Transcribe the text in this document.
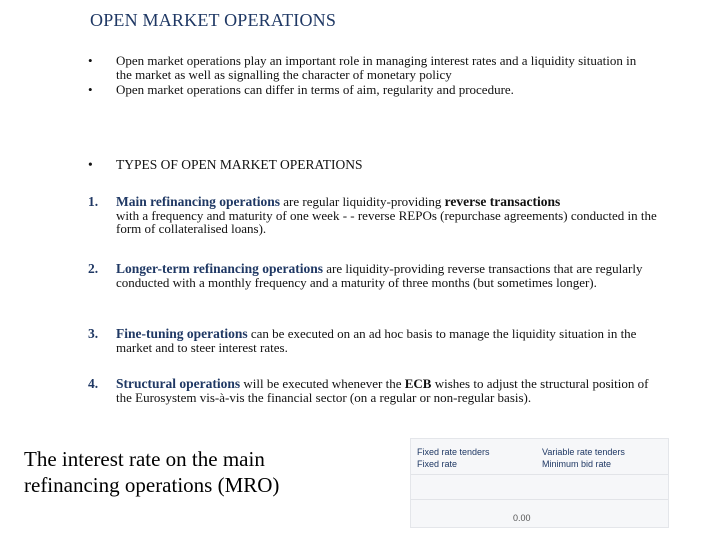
OPEN MARKET OPERATIONS
•	Open market operations play an important role in managing interest rates and a liquidity situation in the market as well as signalling the character of monetary policy
•	Open market operations can differ in terms of aim, regularity and procedure.
•	TYPES OF OPEN MARKET OPERATIONS
1.	Main refinancing operations are regular liquidity-providing reverse transactions
with a frequency and maturity of one week - - reverse REPOs (repurchase agreements) conducted in the form of collateralised loans).
2.	Longer-term refinancing operations are liquidity-providing reverse transactions that are regularly conducted with a monthly frequency and a maturity of three months (but sometimes longer).
3.	Fine-tuning operations can be executed on an ad hoc basis to manage the liquidity situation in the market and to steer interest rates.
4.	Structural operations will be executed whenever the ECB wishes to adjust the structural position of the Eurosystem vis-à-vis the financial sector (on a regular or non-regular basis).
The interest rate on the main refinancing operations (MRO)
Fixed rate tenders	Variable rate tenders
Fixed rate	Minimum bid rate
0.00
